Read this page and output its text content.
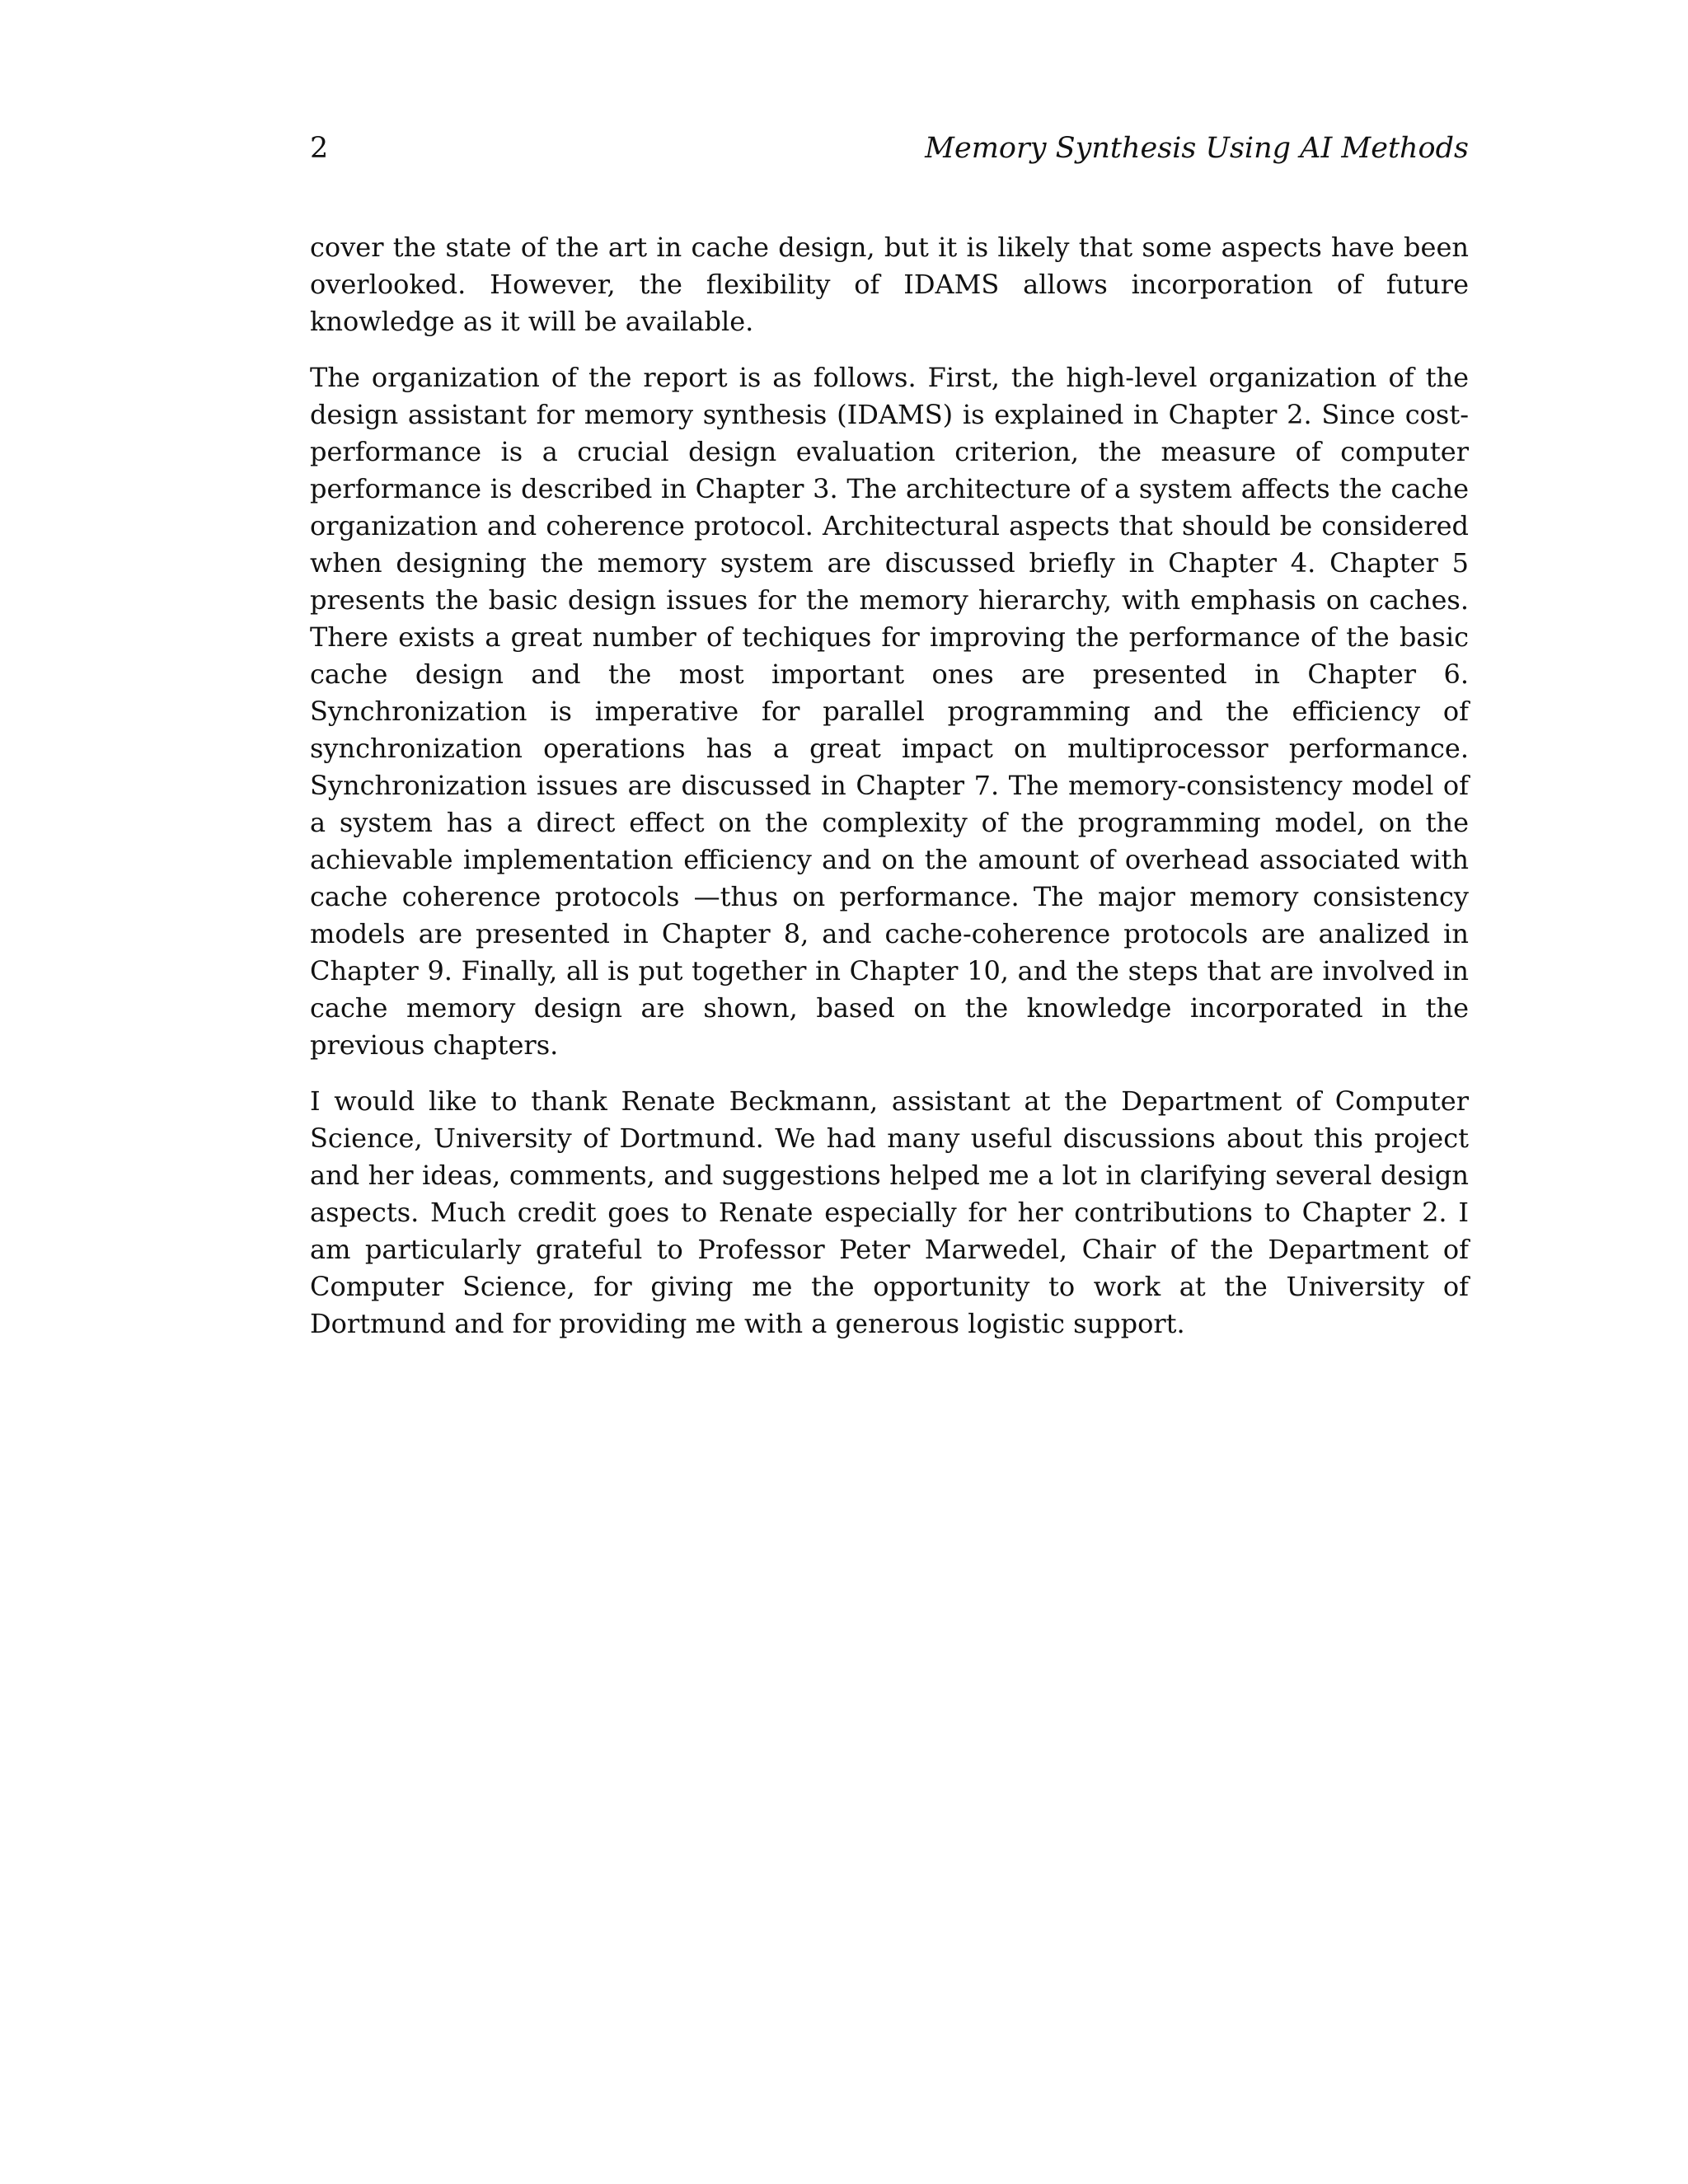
2	Memory Synthesis Using AI Methods

cover the state of the art in cache design, but it is likely that some aspects have been overlooked. However, the flexibility of IDAMS allows incorporation of future knowledge as it will be available.

The organization of the report is as follows. First, the high-level organization of the design assistant for memory synthesis (IDAMS) is explained in Chapter 2. Since cost-performance is a crucial design evaluation criterion, the measure of computer performance is described in Chapter 3. The architecture of a system affects the cache organization and coherence protocol. Architectural aspects that should be considered when designing the memory system are discussed briefly in Chapter 4. Chapter 5 presents the basic design issues for the memory hierarchy, with emphasis on caches. There exists a great number of techiques for improving the performance of the basic cache design and the most important ones are presented in Chapter 6. Synchronization is imperative for parallel programming and the efficiency of synchronization operations has a great impact on multiprocessor performance. Synchronization issues are discussed in Chapter 7. The memory-consistency model of a system has a direct effect on the complexity of the programming model, on the achievable implementation efficiency and on the amount of overhead associated with cache coherence protocols —thus on performance. The major memory consistency models are presented in Chapter 8, and cache-coherence protocols are analized in Chapter 9. Finally, all is put together in Chapter 10, and the steps that are involved in cache memory design are shown, based on the knowledge incorporated in the previous chapters.

I would like to thank Renate Beckmann, assistant at the Department of Computer Science, University of Dortmund. We had many useful discussions about this project and her ideas, comments, and suggestions helped me a lot in clarifying several design aspects. Much credit goes to Renate especially for her contributions to Chapter 2. I am particularly grateful to Professor Peter Marwedel, Chair of the Department of Computer Science, for giving me the opportunity to work at the University of Dortmund and for providing me with a generous logistic support.
